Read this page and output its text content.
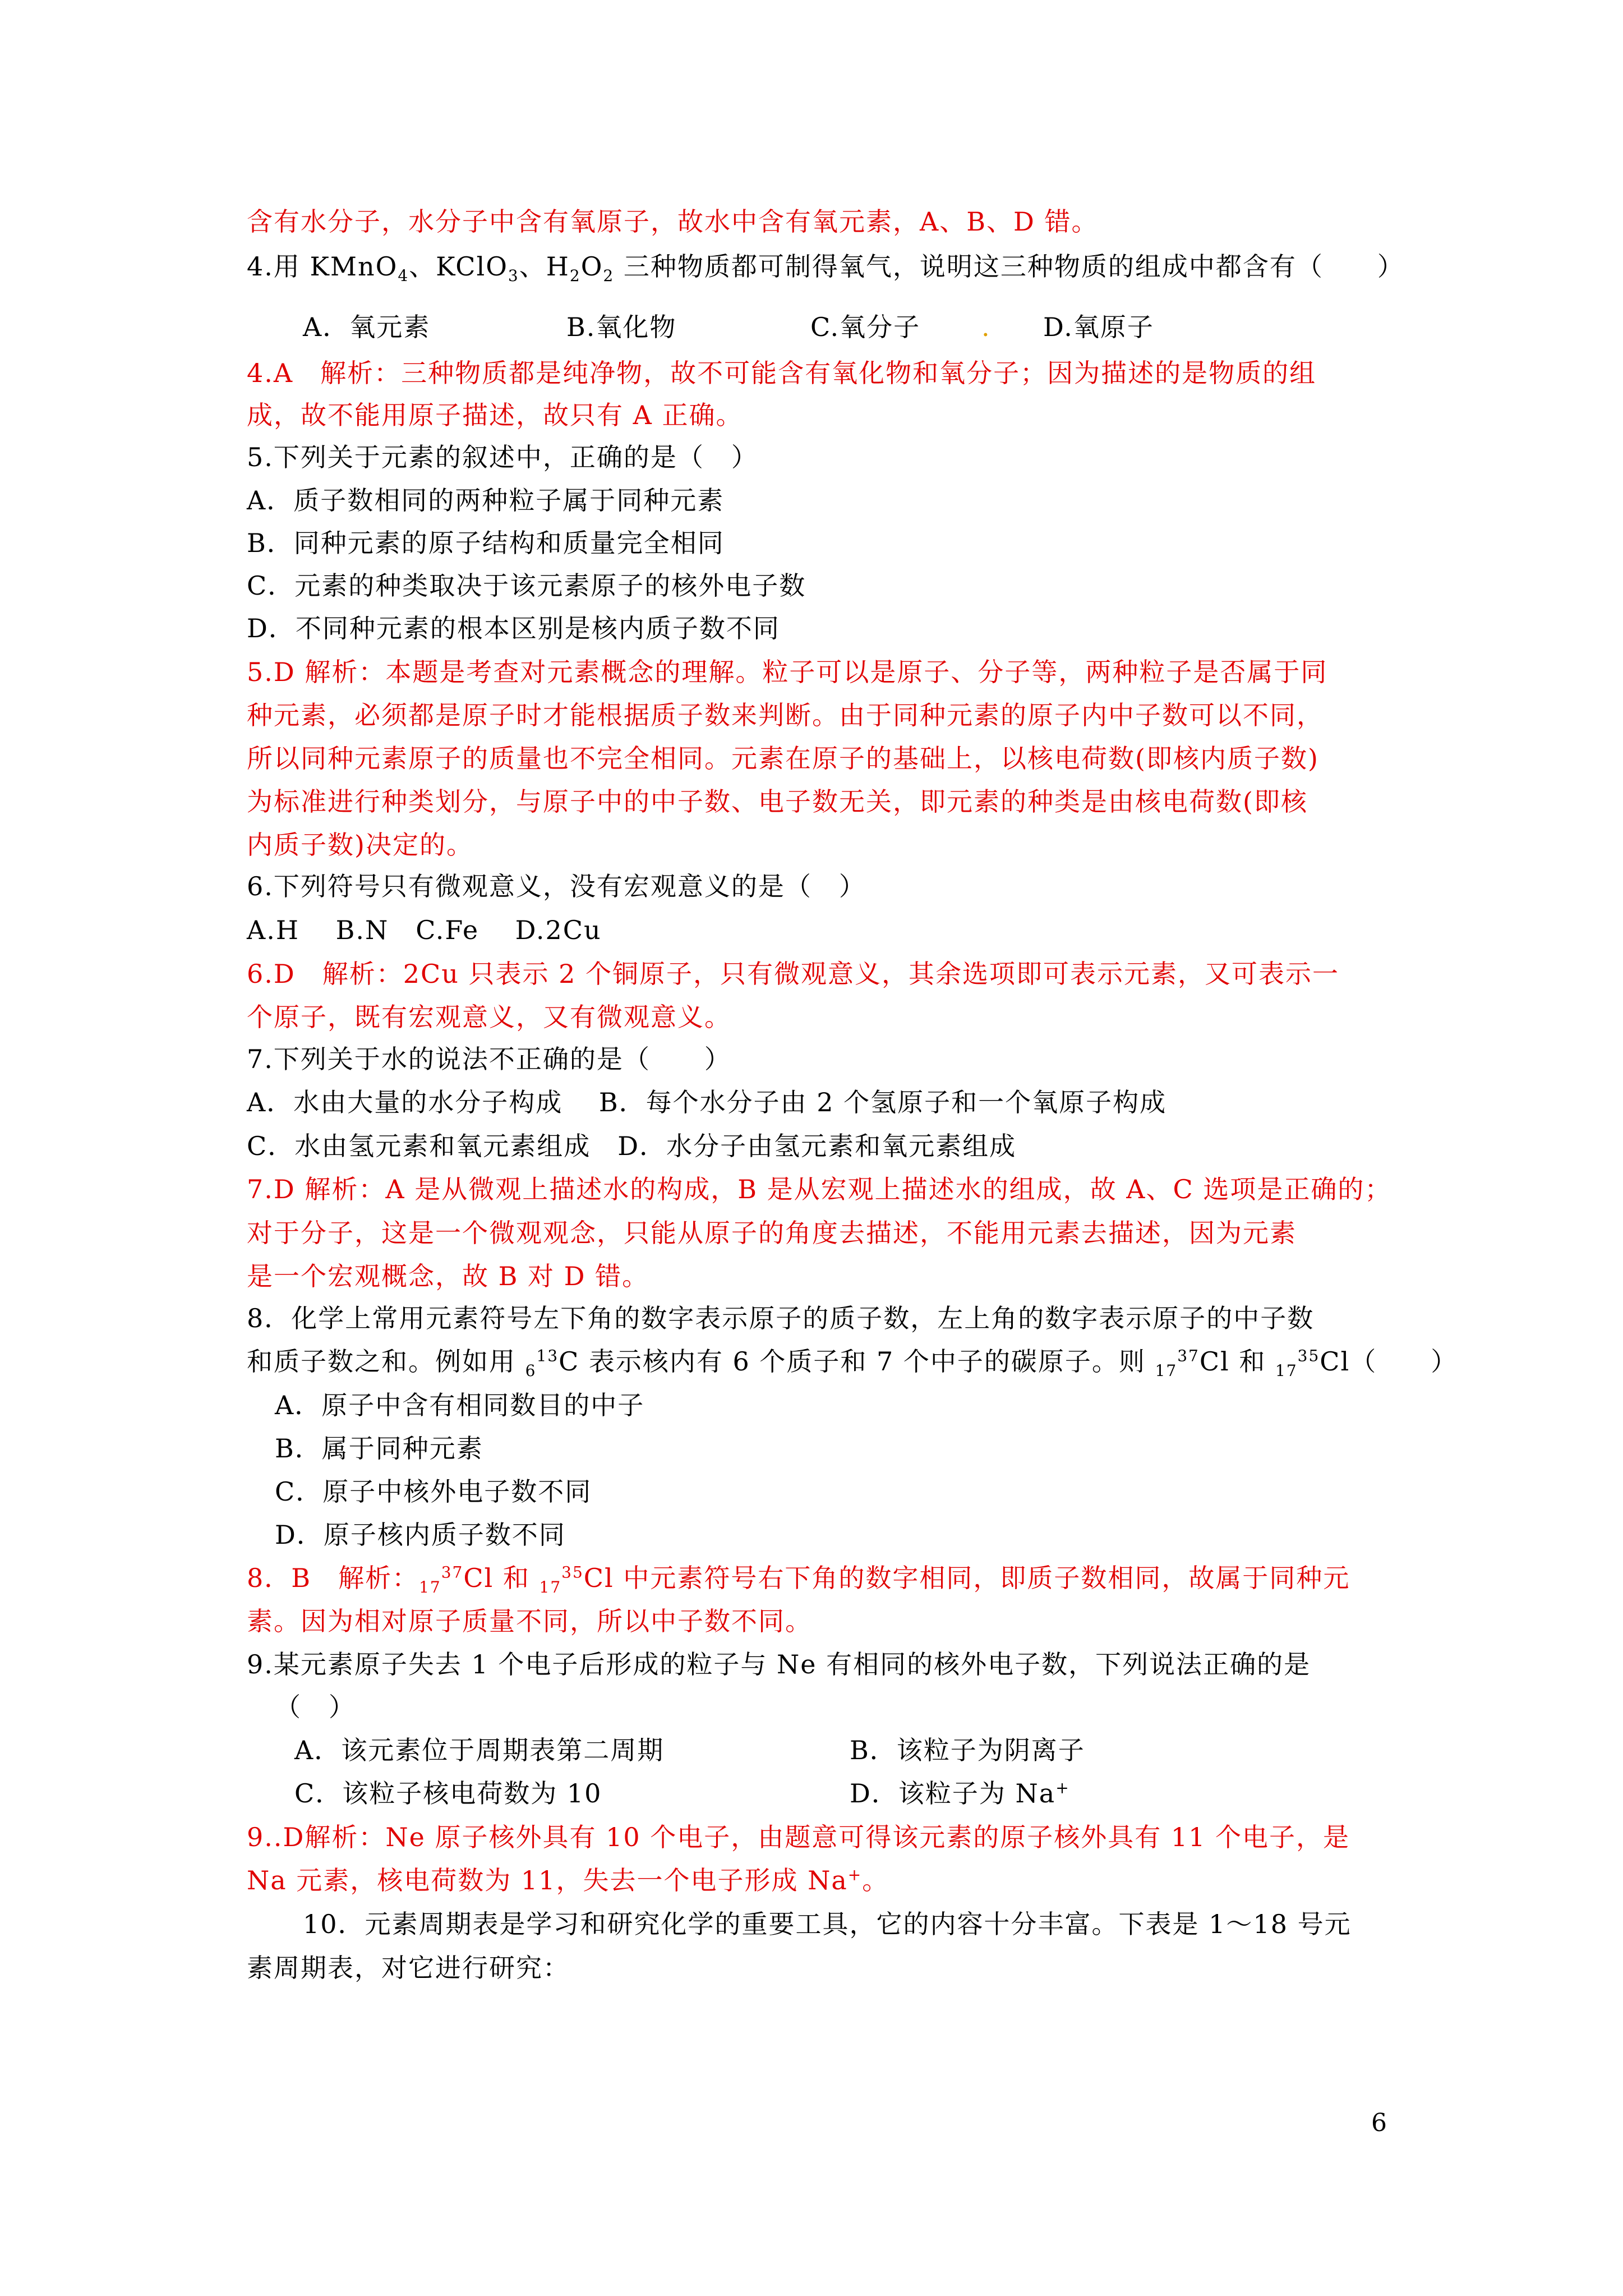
含有水分子，水分子中含有氧原子，故水中含有氧元素，A、B、D 错。
4.用 KMnO$_4$、KClO$_3$、$H_2O_2$ 三种物质都可制得氧气，说明这三种物质的组成中都含有（　　）
A．氧元素	B.氧化物	C.氧分子 . D.氧原子
4.A　解析：三种物质都是纯净物，故不可能含有氧化物和氧分子；因为描述的是物质的组
成，故不能用原子描述，故只有 A 正确。
5.下列关于元素的叙述中，正确的是（　）
A．质子数相同的两种粒子属于同种元素
B．同种元素的原子结构和质量完全相同
C．元素的种类取决于该元素原子的核外电子数
D．不同种元素的根本区别是核内质子数不同
5.D 解析：本题是考查对元素概念的理解。粒子可以是原子、分子等，两种粒子是否属于同
种元素，必须都是原子时才能根据质子数来判断。由于同种元素的原子内中子数可以不同，
所以同种元素原子的质量也不完全相同。元素在原子的基础上，以核电荷数(即核内质子数)
为标准进行种类划分，与原子中的中子数、电子数无关，即元素的种类是由核电荷数(即核
内质子数)决定的。
6.下列符号只有微观意义，没有宏观意义的是（　）
A.H　 B.N　C.Fe　 D.2Cu
6.D　解析：2Cu 只表示 2 个铜原子，只有微观意义，其余选项即可表示元素，又可表示一
个原子，既有宏观意义，又有微观意义。
7.下列关于水的说法不正确的是（　　）
A．水由大量的水分子构成　 B．每个水分子由 2 个氢原子和一个氧原子构成
C．水由氢元素和氧元素组成　D．水分子由氢元素和氧元素组成
7.D 解析：A 是从微观上描述水的构成，B 是从宏观上描述水的组成，故 A、C 选项是正确的；
对于分子，这是一个微观观念，只能从原子的角度去描述，不能用元素去描述，因为元素
是一个宏观概念，故 B 对 D 错。
8．化学上常用元素符号左下角的数字表示原子的质子数，左上角的数字表示原子的中子数
和质子数之和。例如用 $_6^{13}$C 表示核内有 6 个质子和 7 个中子的碳原子。则 $_{17}^{37}$Cl 和 $_{17}^{35}$Cl（　　）
A．原子中含有相同数目的中子
B．属于同种元素
C．原子中核外电子数不同
D．原子核内质子数不同
8．B　解析：$_{17}^{37}$Cl 和 $_{17}^{35}$Cl 中元素符号右下角的数字相同，即质子数相同，故属于同种元
素。因为相对原子质量不同，所以中子数不同。
9.某元素原子失去 1 个电子后形成的粒子与 Ne 有相同的核外电子数，下列说法正确的是
（　）
A．该元素位于周期表第二周期	B．该粒子为阴离子
C．该粒子核电荷数为 10	D．该粒子为 Na+
9..D解析：Ne 原子核外具有 10 个电子，由题意可得该元素的原子核外具有 11 个电子，是
Na 元素，核电荷数为 11，失去一个电子形成 Na+。
10．元素周期表是学习和研究化学的重要工具，它的内容十分丰富。下表是 1～18 号元
素周期表，对它进行研究：
6
